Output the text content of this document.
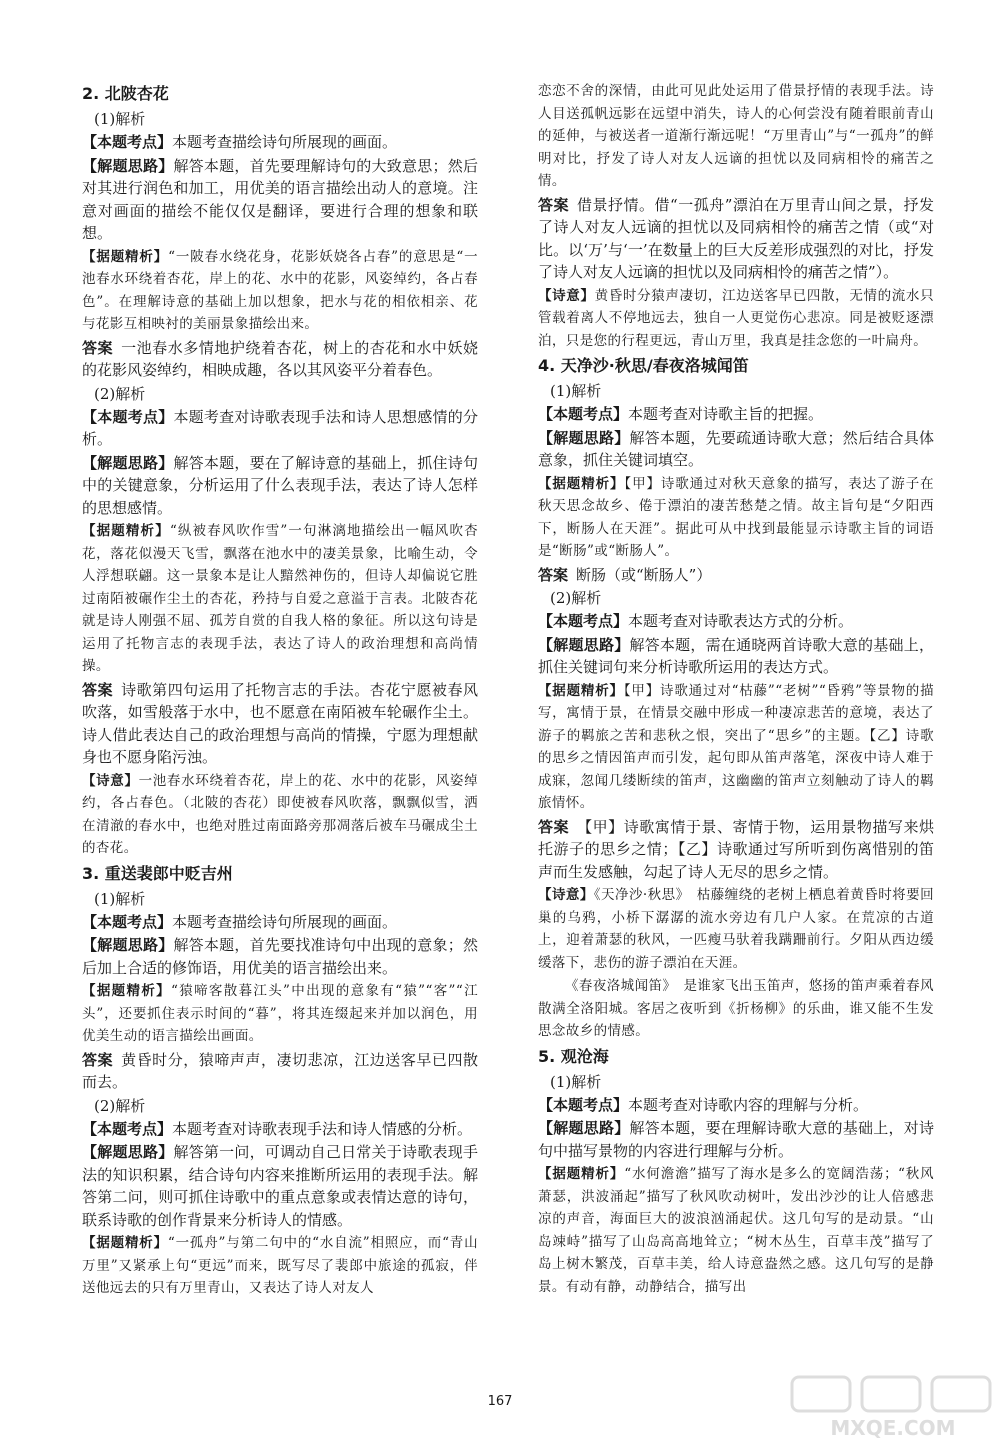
2. 北陂杏花
(1)解析
【本题考点】本题考查描绘诗句所展现的画面。
【解题思路】解答本题，首先要理解诗句的大致意思；然后对其进行润色和加工，用优美的语言描绘出动人的意境。注意对画面的描绘不能仅仅是翻译，要进行合理的想象和联想。
【据题精析】“一陂春水绕花身，花影妖娆各占春”的意思是“一池春水环绕着杏花，岸上的花、水中的花影，风姿绰约，各占春色”。在理解诗意的基础上加以想象，把水与花的相依相亲、花与花影互相映衬的美丽景象描绘出来。
答案 一池春水多情地护绕着杏花，树上的杏花和水中妖娆的花影风姿绰约，相映成趣，各以其风姿平分着春色。
(2)解析
【本题考点】本题考查对诗歌表现手法和诗人思想感情的分析。
【解题思路】解答本题，要在了解诗意的基础上，抓住诗句中的关键意象，分析运用了什么表现手法，表达了诗人怎样的思想感情。
【据题精析】“纵被春风吹作雪”一句淋漓地描绘出一幅风吹杏花，落花似漫天飞雪，飘落在池水中的凄美景象，比喻生动，令人浮想联翩。这一景象本是让人黯然神伤的，但诗人却偏说它胜过南陌被碾作尘土的杏花，矜持与自爱之意溢于言表。北陂杏花就是诗人刚强不屈、孤芳自赏的自我人格的象征。所以这句诗是运用了托物言志的表现手法，表达了诗人的政治理想和高尚情操。
答案 诗歌第四句运用了托物言志的手法。杏花宁愿被春风吹落，如雪般落于水中，也不愿意在南陌被车轮碾作尘土。诗人借此表达自己的政治理想与高尚的情操，宁愿为理想献身也不愿身陷污浊。
【诗意】一池春水环绕着杏花，岸上的花、水中的花影，风姿绰约，各占春色。（北陂的杏花）即使被春风吹落，飘飘似雪，洒在清澈的春水中，也绝对胜过南面路旁那凋落后被车马碾成尘土的杏花。
3. 重送裴郎中贬吉州
(1)解析
【本题考点】本题考查描绘诗句所展现的画面。
【解题思路】解答本题，首先要找准诗句中出现的意象；然后加上合适的修饰语，用优美的语言描绘出来。
【据题精析】“猿啼客散暮江头”中出现的意象有“猿”“客”“江头”，还要抓住表示时间的“暮”，将其连缀起来并加以润色，用优美生动的语言描绘出画面。
答案 黄昏时分，猿啼声声，凄切悲凉，江边送客早已四散而去。
(2)解析
【本题考点】本题考查对诗歌表现手法和诗人情感的分析。
【解题思路】解答第一问，可调动自己日常关于诗歌表现手法的知识积累，结合诗句内容来推断所运用的表现手法。解答第二问，则可抓住诗歌中的重点意象或表情达意的诗句，联系诗歌的创作背景来分析诗人的情感。
【据题精析】“一孤舟”与第二句中的“水自流”相照应，而“青山万里”又紧承上句“更远”而来，既写尽了裴郎中旅途的孤寂，伴送他远去的只有万里青山，又表达了诗人对友人
恋恋不舍的深情，由此可见此处运用了借景抒情的表现手法。诗人目送孤帆远影在远望中消失，诗人的心何尝没有随着眼前青山的延伸，与被送者一道渐行渐远呢！“万里青山”与“一孤舟”的鲜明对比，抒发了诗人对友人远谪的担忧以及同病相怜的痛苦之情。
答案 借景抒情。借“一孤舟”漂泊在万里青山间之景，抒发了诗人对友人远谪的担忧以及同病相怜的痛苦之情（或“对比。以‘万’与‘一’在数量上的巨大反差形成强烈的对比，抒发了诗人对友人远谪的担忧以及同病相怜的痛苦之情”）。
【诗意】黄昏时分猿声凄切，江边送客早已四散，无情的流水只管载着离人不停地远去，独自一人更觉伤心悲凉。同是被贬逐漂泊，只是您的行程更远，青山万里，我真是挂念您的一叶扁舟。
4. 天净沙·秋思/春夜洛城闻笛
(1)解析
【本题考点】本题考查对诗歌主旨的把握。
【解题思路】解答本题，先要疏通诗歌大意；然后结合具体意象，抓住关键词填空。
【据题精析】【甲】诗歌通过对秋天意象的描写，表达了游子在秋天思念故乡、倦于漂泊的凄苦愁楚之情。故主旨句是“夕阳西下，断肠人在天涯”。据此可从中找到最能显示诗歌主旨的词语是“断肠”或“断肠人”。
答案 断肠（或“断肠人”）
(2)解析
【本题考点】本题考查对诗歌表达方式的分析。
【解题思路】解答本题，需在通晓两首诗歌大意的基础上，抓住关键词句来分析诗歌所运用的表达方式。
【据题精析】【甲】诗歌通过对“枯藤”“老树”“昏鸦”等景物的描写，寓情于景，在情景交融中形成一种凄凉悲苦的意境，表达了游子的羁旅之苦和悲秋之恨，突出了“思乡”的主题。【乙】诗歌的思乡之情因笛声而引发，起句即从笛声落笔，深夜中诗人难于成寐，忽闻几缕断续的笛声，这幽幽的笛声立刻触动了诗人的羁旅情怀。
答案 【甲】诗歌寓情于景、寄情于物，运用景物描写来烘托游子的思乡之情；【乙】诗歌通过写所听到伤离惜别的笛声而生发感触，勾起了诗人无尽的思乡之情。
【诗意】《天净沙·秋思》　枯藤缠绕的老树上栖息着黄昏时将要回巢的乌鸦，小桥下潺潺的流水旁边有几户人家。在荒凉的古道上，迎着萧瑟的秋风，一匹瘦马驮着我蹒跚前行。夕阳从西边缓缓落下，悲伤的游子漂泊在天涯。
《春夜洛城闻笛》　是谁家飞出玉笛声，悠扬的笛声乘着春风散满全洛阳城。客居之夜听到《折杨柳》的乐曲，谁又能不生发思念故乡的情感。
5. 观沧海
(1)解析
【本题考点】本题考查对诗歌内容的理解与分析。
【解题思路】解答本题，要在理解诗歌大意的基础上，对诗句中描写景物的内容进行理解与分析。
【据题精析】“水何澹澹”描写了海水是多么的宽阔浩荡；“秋风萧瑟，洪波涌起”描写了秋风吹动树叶，发出沙沙的让人倍感悲凉的声音，海面巨大的波浪汹涌起伏。这几句写的是动景。“山岛竦峙”描写了山岛高高地耸立；“树木丛生，百草丰茂”描写了岛上树木繁茂，百草丰美，给人诗意盎然之感。这几句写的是静景。有动有静，动静结合，描写出
167
MXQE.COM
